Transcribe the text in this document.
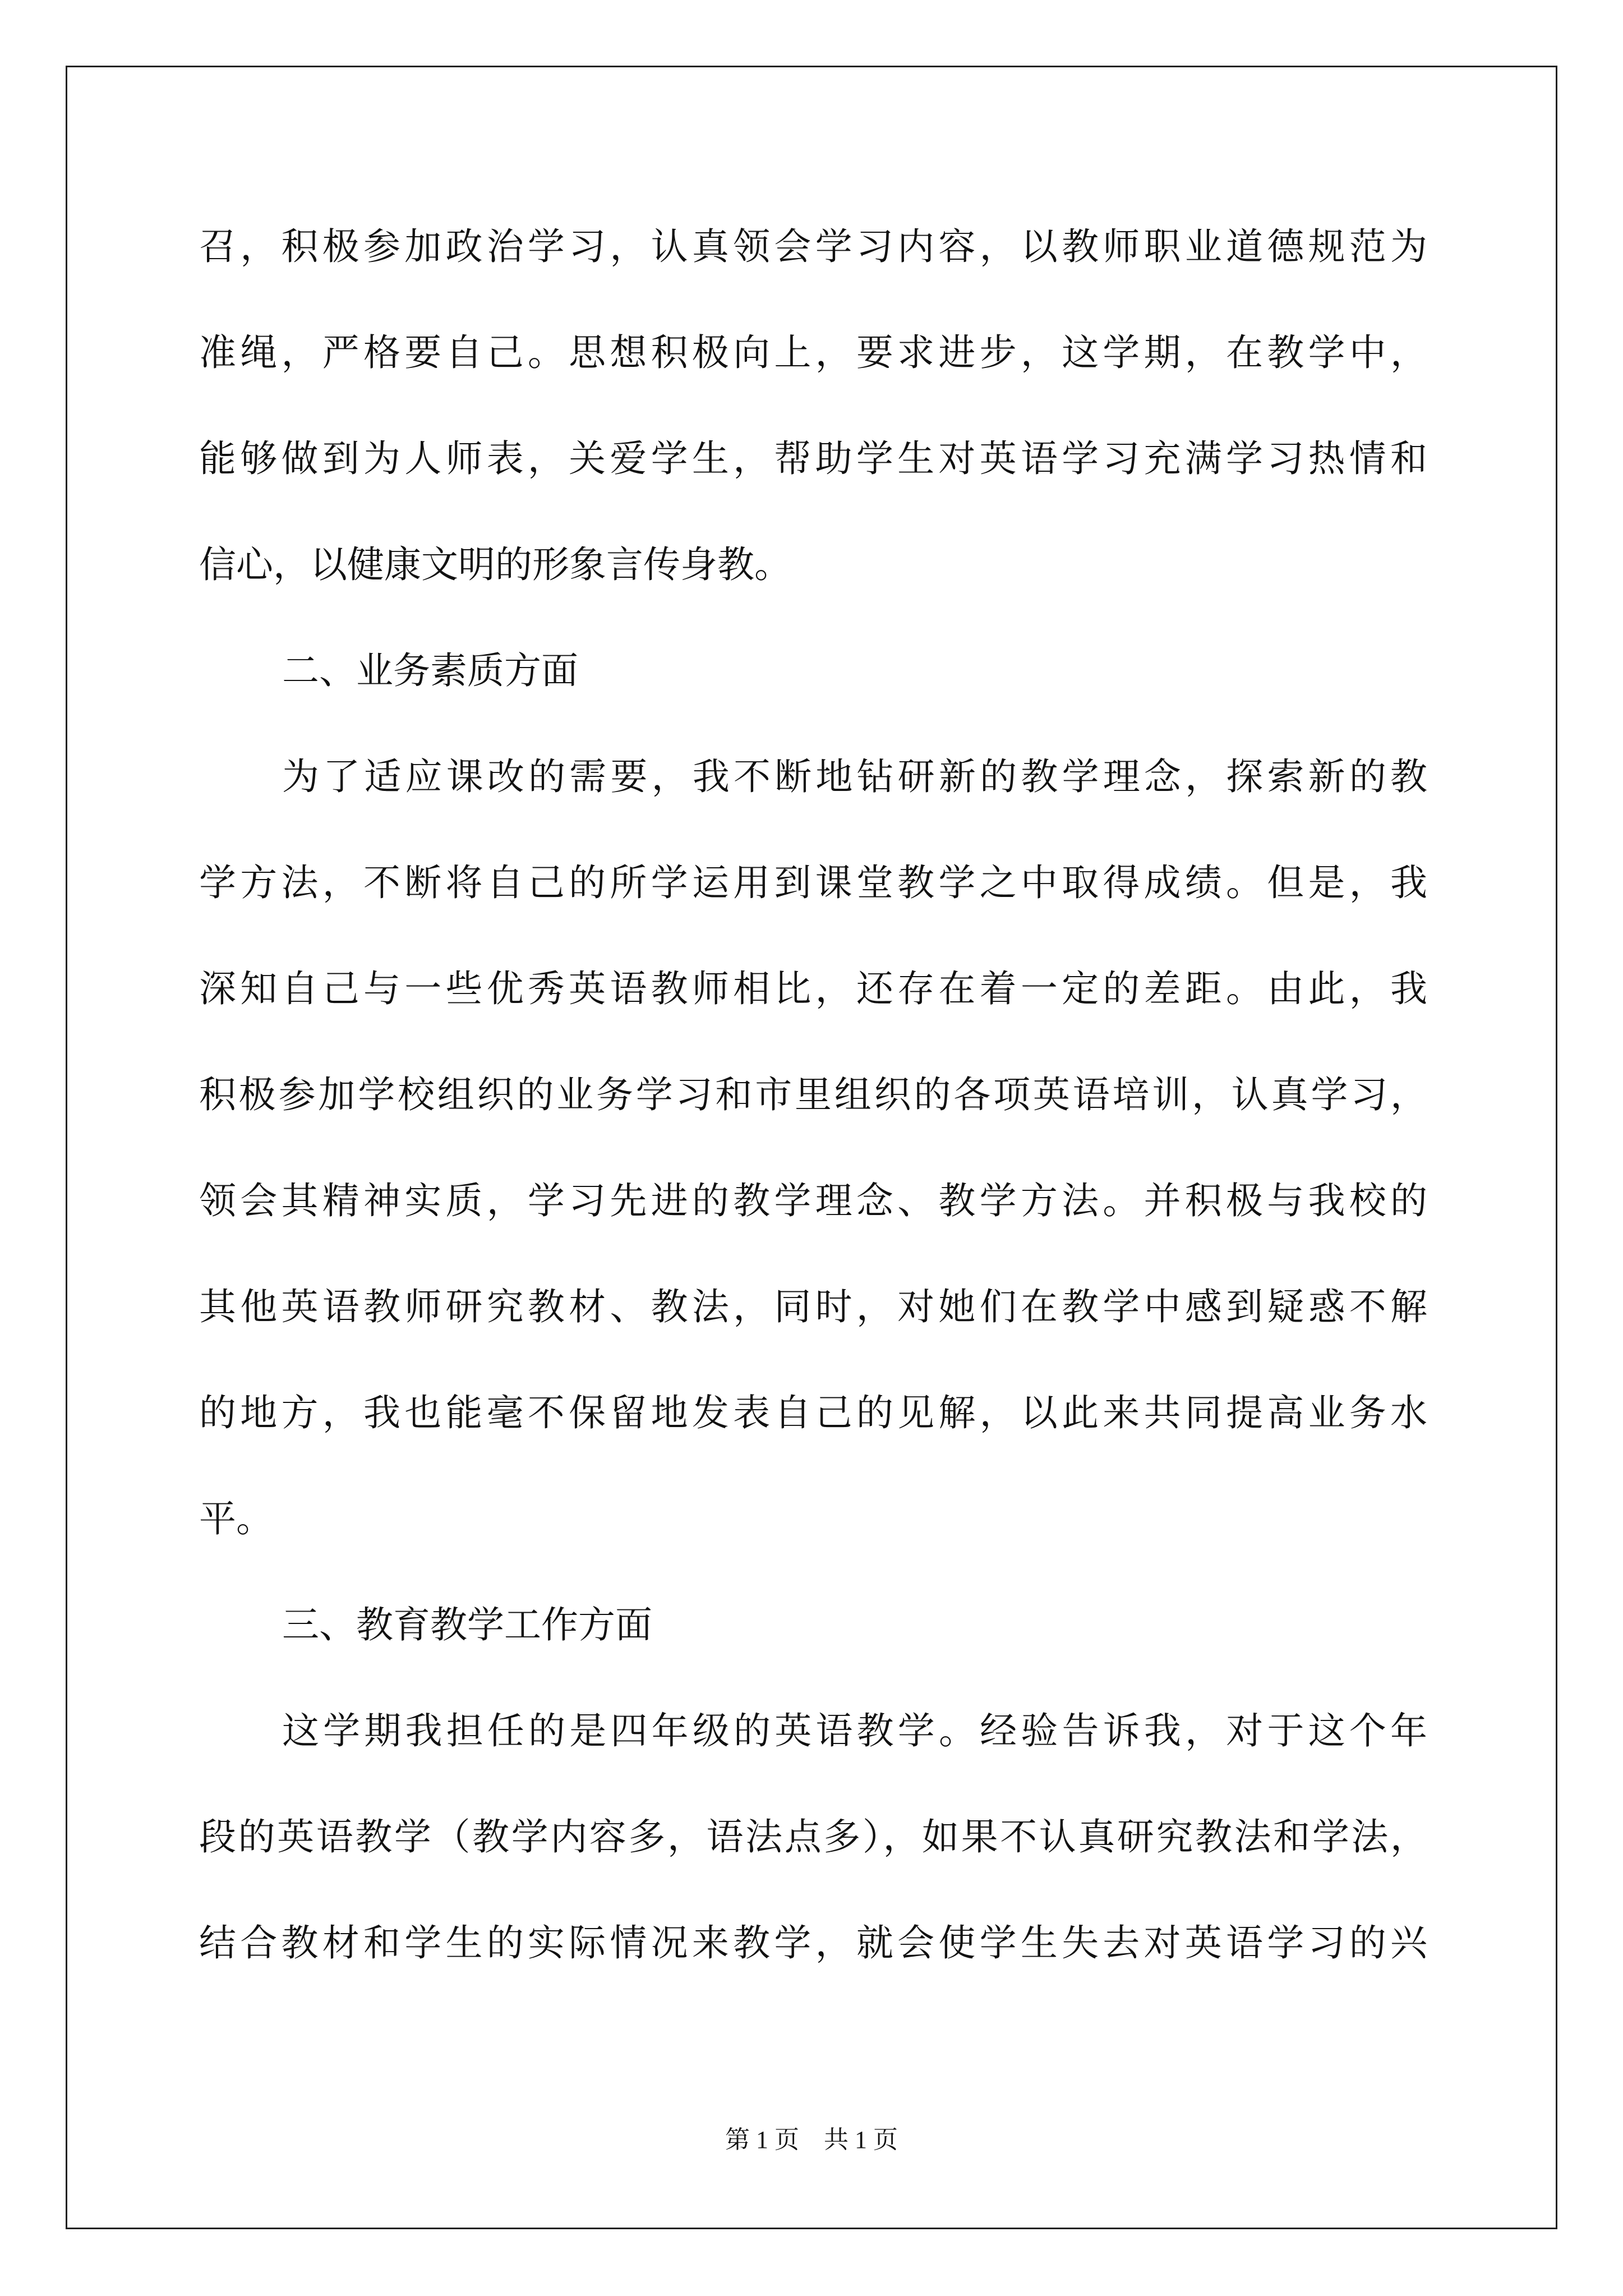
召，积极参加政治学习，认真领会学习内容，以教师职业道德规范为
准绳，严格要自己。思想积极向上，要求进步，这学期，在教学中，
能够做到为人师表，关爱学生，帮助学生对英语学习充满学习热情和
信心，以健康文明的形象言传身教。
二、业务素质方面
为了适应课改的需要，我不断地钻研新的教学理念，探索新的教
学方法，不断将自己的所学运用到课堂教学之中取得成绩。但是，我
深知自己与一些优秀英语教师相比，还存在着一定的差距。由此，我
积极参加学校组织的业务学习和市里组织的各项英语培训，认真学习，
领会其精神实质，学习先进的教学理念、教学方法。并积极与我校的
其他英语教师研究教材、教法，同时，对她们在教学中感到疑惑不解
的地方，我也能毫不保留地发表自己的见解，以此来共同提高业务水
平。
三、教育教学工作方面
这学期我担任的是四年级的英语教学。经验告诉我，对于这个年
段的英语教学（教学内容多，语法点多），如果不认真研究教法和学法，
结合教材和学生的实际情况来教学，就会使学生失去对英语学习的兴
第 1 页　共 1 页
